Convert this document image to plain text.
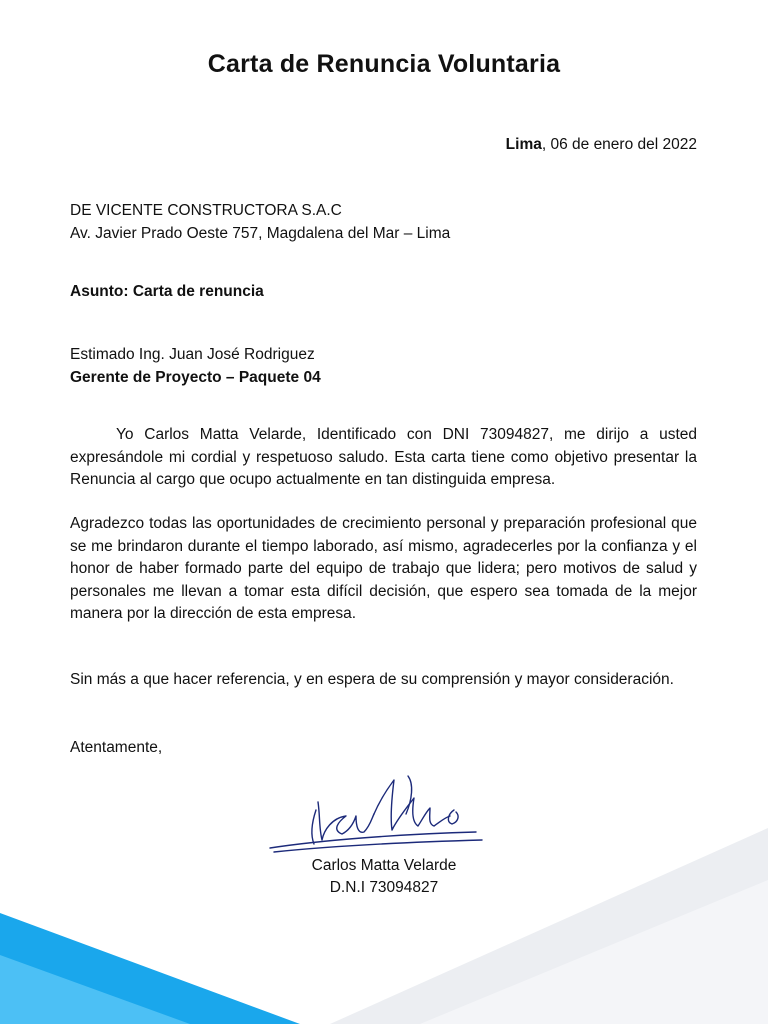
Carta de Renuncia Voluntaria
Lima, 06 de enero del 2022
DE VICENTE CONSTRUCTORA S.A.C
Av. Javier Prado Oeste 757, Magdalena del Mar – Lima
Asunto: Carta de renuncia
Estimado Ing. Juan José Rodriguez
Gerente de Proyecto – Paquete 04
Yo Carlos Matta Velarde, Identificado con DNI 73094827, me dirijo a usted expresándole mi cordial y respetuoso saludo. Esta carta tiene como objetivo presentar la Renuncia al cargo que ocupo actualmente en tan distinguida empresa.
Agradezco todas las oportunidades de crecimiento personal y preparación profesional que se me brindaron durante el tiempo laborado, así mismo, agradecerles por la confianza y el honor de haber formado parte del equipo de trabajo que lidera; pero motivos de salud y personales me llevan a tomar esta difícil decisión, que espero sea tomada de la mejor manera por la dirección de esta empresa.
Sin más a que hacer referencia, y en espera de su comprensión y mayor consideración.
Atentamente,
Carlos Matta Velarde
D.N.I 73094827
